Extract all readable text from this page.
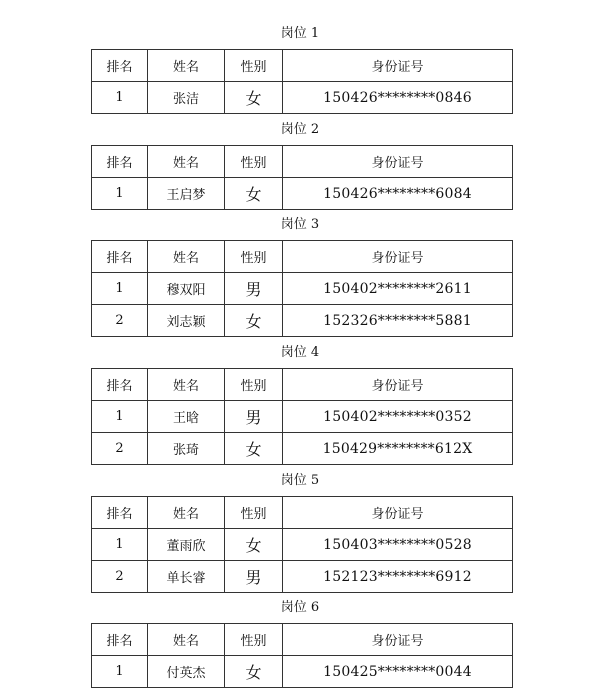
岗位 1
排名	姓名	性别	身份证号
1	张洁	女	150426********0846
岗位 2
排名	姓名	性别	身份证号
1	王启梦	女	150426********6084
岗位 3
排名	姓名	性别	身份证号
1	穆双阳	男	150402********2611
2	刘志颖	女	152326********5881
岗位 4
排名	姓名	性别	身份证号
1	王晗	男	150402********0352
2	张琦	女	150429********612X
岗位 5
排名	姓名	性别	身份证号
1	董雨欣	女	150403********0528
2	单长睿	男	152123********6912
岗位 6
排名	姓名	性别	身份证号
1	付英杰	女	150425********0044
